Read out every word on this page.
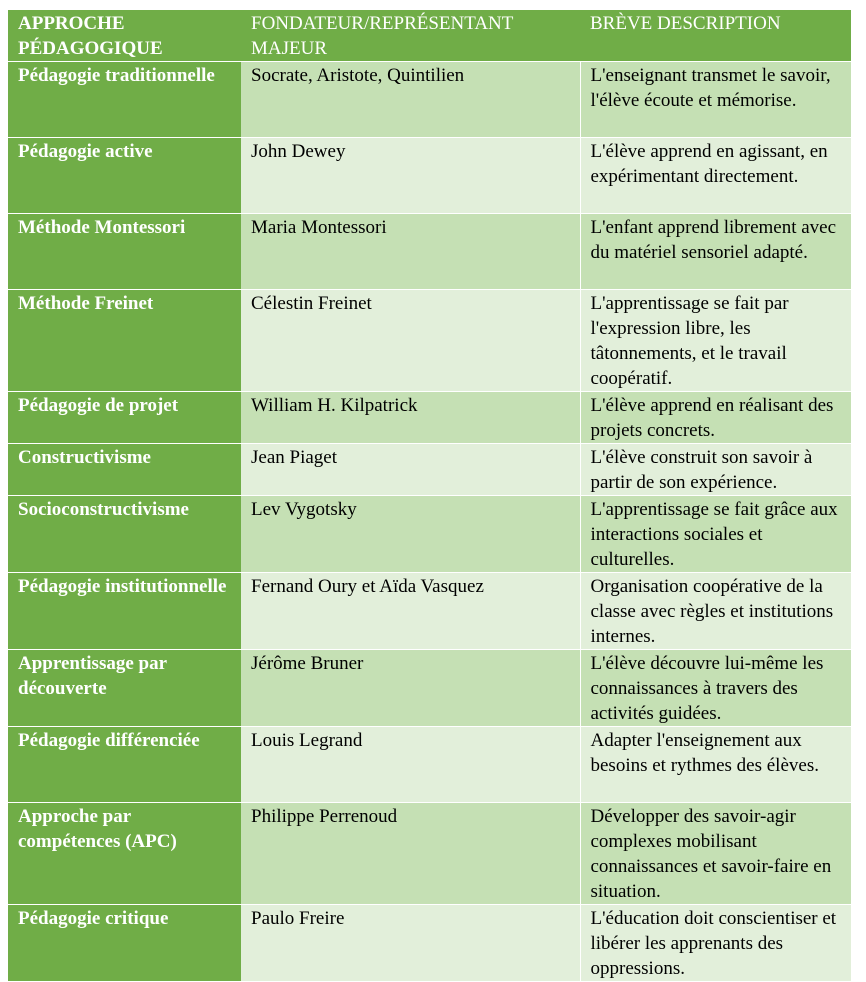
APPROCHE PÉDAGOGIQUE	FONDATEUR/REPRÉSENTANT MAJEUR	BRÈVE DESCRIPTION
Pédagogie traditionnelle	Socrate, Aristote, Quintilien	L'enseignant transmet le savoir, l'élève écoute et mémorise.
Pédagogie active	John Dewey	L'élève apprend en agissant, en expérimentant directement.
Méthode Montessori	Maria Montessori	L'enfant apprend librement avec du matériel sensoriel adapté.
Méthode Freinet	Célestin Freinet	L'apprentissage se fait par l'expression libre, les tâtonnements, et le travail coopératif.
Pédagogie de projet	William H. Kilpatrick	L'élève apprend en réalisant des projets concrets.
Constructivisme	Jean Piaget	L'élève construit son savoir à partir de son expérience.
Socioconstructivisme	Lev Vygotsky	L'apprentissage se fait grâce aux interactions sociales et culturelles.
Pédagogie institutionnelle	Fernand Oury et Aïda Vasquez	Organisation coopérative de la classe avec règles et institutions internes.
Apprentissage par découverte	Jérôme Bruner	L'élève découvre lui-même les connaissances à travers des activités guidées.
Pédagogie différenciée	Louis Legrand	Adapter l'enseignement aux besoins et rythmes des élèves.
Approche par compétences (APC)	Philippe Perrenoud	Développer des savoir-agir complexes mobilisant connaissances et savoir-faire en situation.
Pédagogie critique	Paulo Freire	L'éducation doit conscientiser et libérer les apprenants des oppressions.
